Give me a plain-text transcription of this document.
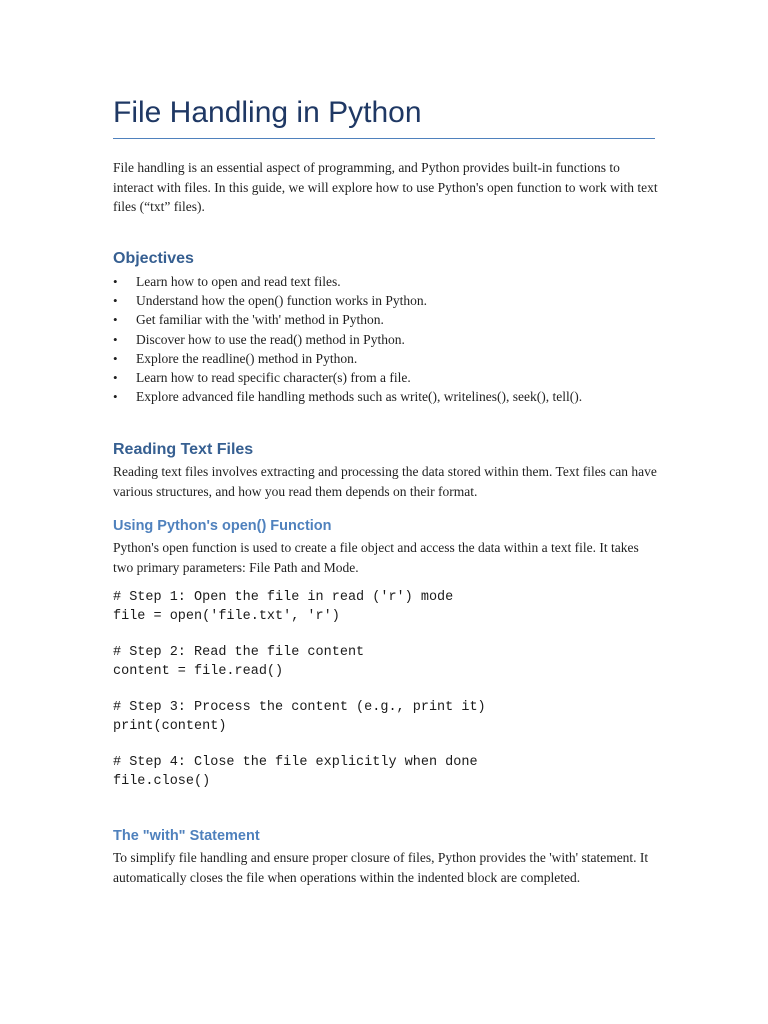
File Handling in Python

File handling is an essential aspect of programming, and Python provides built-in functions to interact with files. In this guide, we will explore how to use Python's open function to work with text files (“txt” files).

Objectives
• Learn how to open and read text files.
• Understand how the open() function works in Python.
• Get familiar with the 'with' method in Python.
• Discover how to use the read() method in Python.
• Explore the readline() method in Python.
• Learn how to read specific character(s) from a file.
• Explore advanced file handling methods such as write(), writelines(), seek(), tell().
Reading Text Files

Reading text files involves extracting and processing the data stored within them. Text files can have various structures, and how you read them depends on their format.

Using Python's open() Function

Python's open function is used to create a file object and access the data within a text file. It takes two primary parameters: File Path and Mode.

# Step 1: Open the file in read ('r') mode
file = open('file.txt', 'r')
# Step 2: Read the file content
content = file.read()
# Step 3: Process the content (e.g., print it)
print(content)
# Step 4: Close the file explicitly when done
file.close()
The "with" Statement

To simplify file handling and ensure proper closure of files, Python provides the 'with' statement. It automatically closes the file when operations within the indented block are completed.
